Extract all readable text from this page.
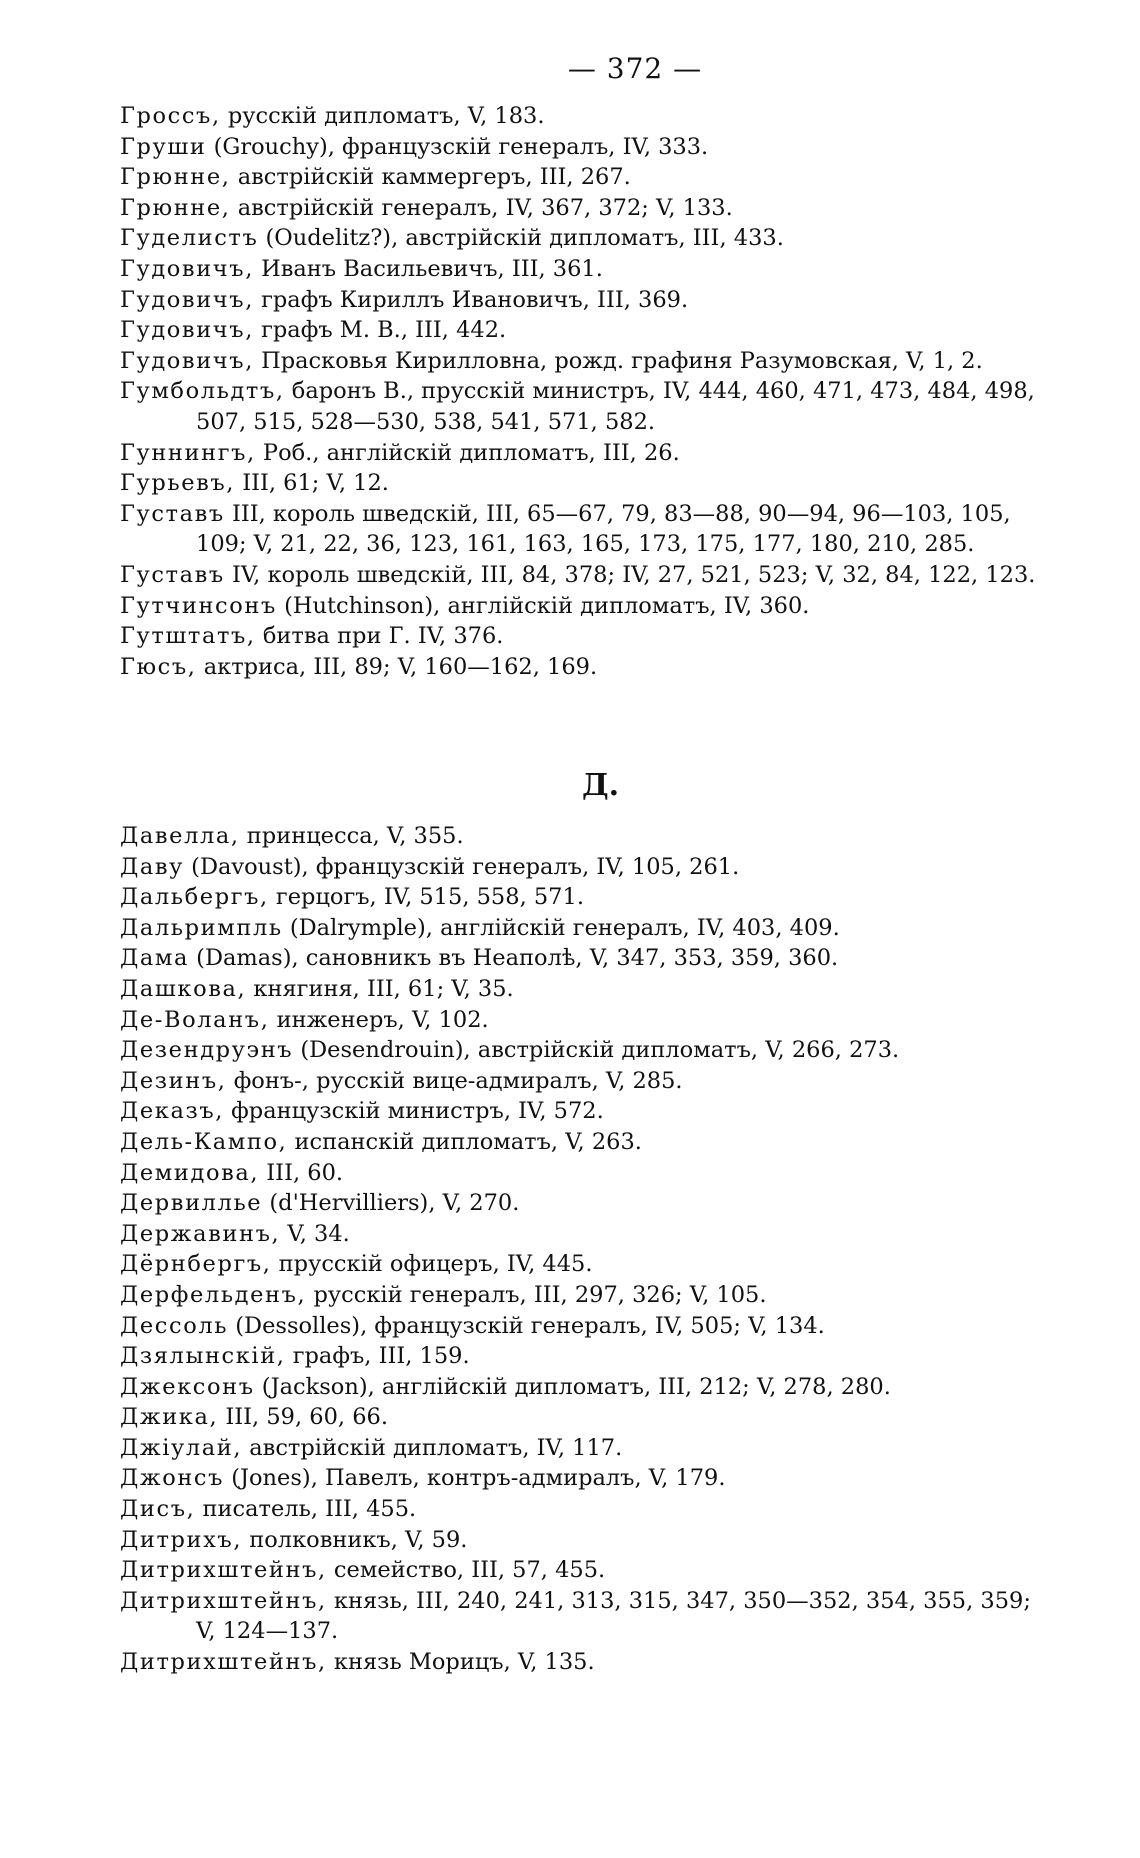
— 372 —
Гроссъ, русскій дипломатъ, V, 183.
Груши (Grouchy), французскій генералъ, IV, 333.
Грюнне, австрійскій каммергеръ, III, 267.
Грюнне, австрійскій генералъ, IV, 367, 372; V, 133.
Гуделистъ (Oudelitz?), австрійскій дипломатъ, III, 433.
Гудовичъ, Иванъ Васильевичъ, III, 361.
Гудовичъ, графъ Кириллъ Ивановичъ, III, 369.
Гудовичъ, графъ М. В., III, 442.
Гудовичъ, Прасковья Кирилловна, рожд. графиня Разумовская, V, 1, 2.
Гумбольдтъ, баронъ В., прусскій министръ, IV, 444, 460, 471, 473, 484, 498,
507, 515, 528—530, 538, 541, 571, 582.
Гуннингъ, Роб., англійскій дипломатъ, III, 26.
Гурьевъ, III, 61; V, 12.
Густавъ III, король шведскій, III, 65—67, 79, 83—88, 90—94, 96—103, 105,
109; V, 21, 22, 36, 123, 161, 163, 165, 173, 175, 177, 180, 210, 285.
Густавъ IV, король шведскій, III, 84, 378; IV, 27, 521, 523; V, 32, 84, 122, 123.
Гутчинсонъ (Hutchinson), англійскій дипломатъ, IV, 360.
Гутштатъ, битва при Г. IV, 376.
Гюсъ, актриса, III, 89; V, 160—162, 169.
Д.
Давелла, принцесса, V, 355.
Даву (Davoust), французскій генералъ, IV, 105, 261.
Дальбергъ, герцогъ, IV, 515, 558, 571.
Дальримпль (Dalrymple), англійскій генералъ, IV, 403, 409.
Дама (Damas), сановникъ въ Неаполѣ, V, 347, 353, 359, 360.
Дашкова, княгиня, III, 61; V, 35.
Де-Воланъ, инженеръ, V, 102.
Дезендруэнъ (Desendrouin), австрійскій дипломатъ, V, 266, 273.
Дезинъ, фонъ-, русскій вице-адмиралъ, V, 285.
Деказъ, французскій министръ, IV, 572.
Дель-Кампо, испанскій дипломатъ, V, 263.
Демидова, III, 60.
Дервиллье (d'Hervilliers), V, 270.
Державинъ, V, 34.
Дёрнбергъ, прусскій офицеръ, IV, 445.
Дерфельденъ, русскій генералъ, III, 297, 326; V, 105.
Дессоль (Dessolles), французскій генералъ, IV, 505; V, 134.
Дзялынскій, графъ, III, 159.
Джексонъ (Jackson), англійскій дипломатъ, III, 212; V, 278, 280.
Джика, III, 59, 60, 66.
Джіулай, австрійскій дипломатъ, IV, 117.
Джонсъ (Jones), Павелъ, контръ-адмиралъ, V, 179.
Дисъ, писатель, III, 455.
Дитрихъ, полковникъ, V, 59.
Дитрихштейнъ, семейство, III, 57, 455.
Дитрихштейнъ, князь, III, 240, 241, 313, 315, 347, 350—352, 354, 355, 359;
V, 124—137.
Дитрихштейнъ, князь Морицъ, V, 135.
